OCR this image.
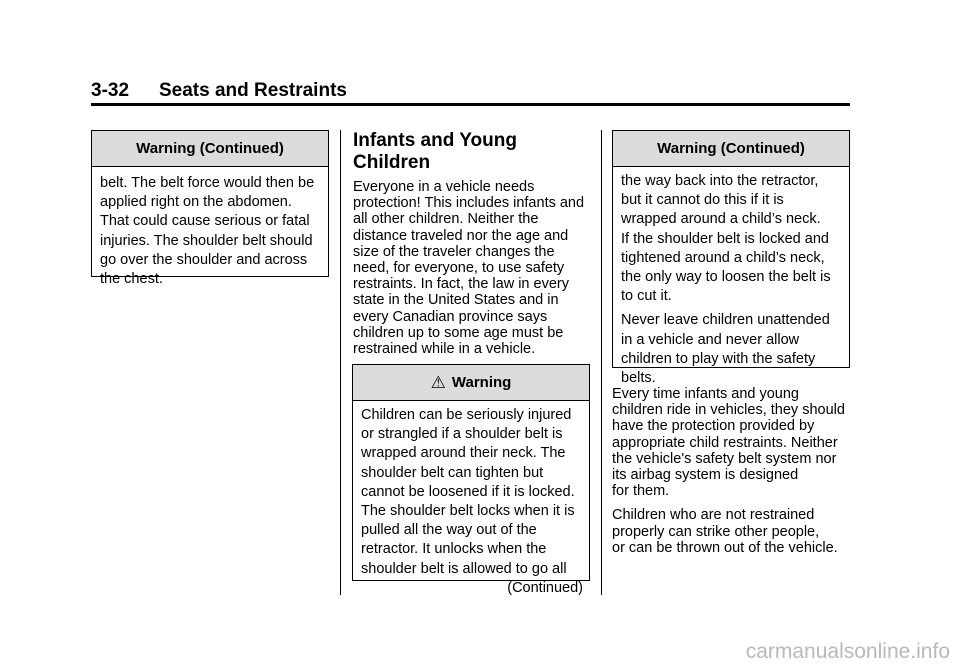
3-32 Seats and Restraints
Warning (Continued)

belt. The belt force would then be
applied right on the abdomen.
That could cause serious or fatal
injuries. The shoulder belt should
go over the shoulder and across
the chest.

Infants and Young
Children

Everyone in a vehicle needs
protection! This includes infants and
all other children. Neither the
distance traveled nor the age and
size of the traveler changes the
need, for everyone, to use safety
restraints. In fact, the law in every
state in the United States and in
every Canadian province says
children up to some age must be
restrained while in a vehicle.

⚠ Warning

Children can be seriously injured
or strangled if a shoulder belt is
wrapped around their neck. The
shoulder belt can tighten but
cannot be loosened if it is locked.
The shoulder belt locks when it is
pulled all the way out of the
retractor. It unlocks when the
shoulder belt is allowed to go all

(Continued)
Warning (Continued)

the way back into the retractor,
but it cannot do this if it is
wrapped around a child’s neck.
If the shoulder belt is locked and
tightened around a child’s neck,
the only way to loosen the belt is
to cut it.

Never leave children unattended
in a vehicle and never allow
children to play with the safety
belts.

Every time infants and young
children ride in vehicles, they should
have the protection provided by
appropriate child restraints. Neither
the vehicle's safety belt system nor
its airbag system is designed
for them.

Children who are not restrained
properly can strike other people,
or can be thrown out of the vehicle.

carmanualsonline.info
